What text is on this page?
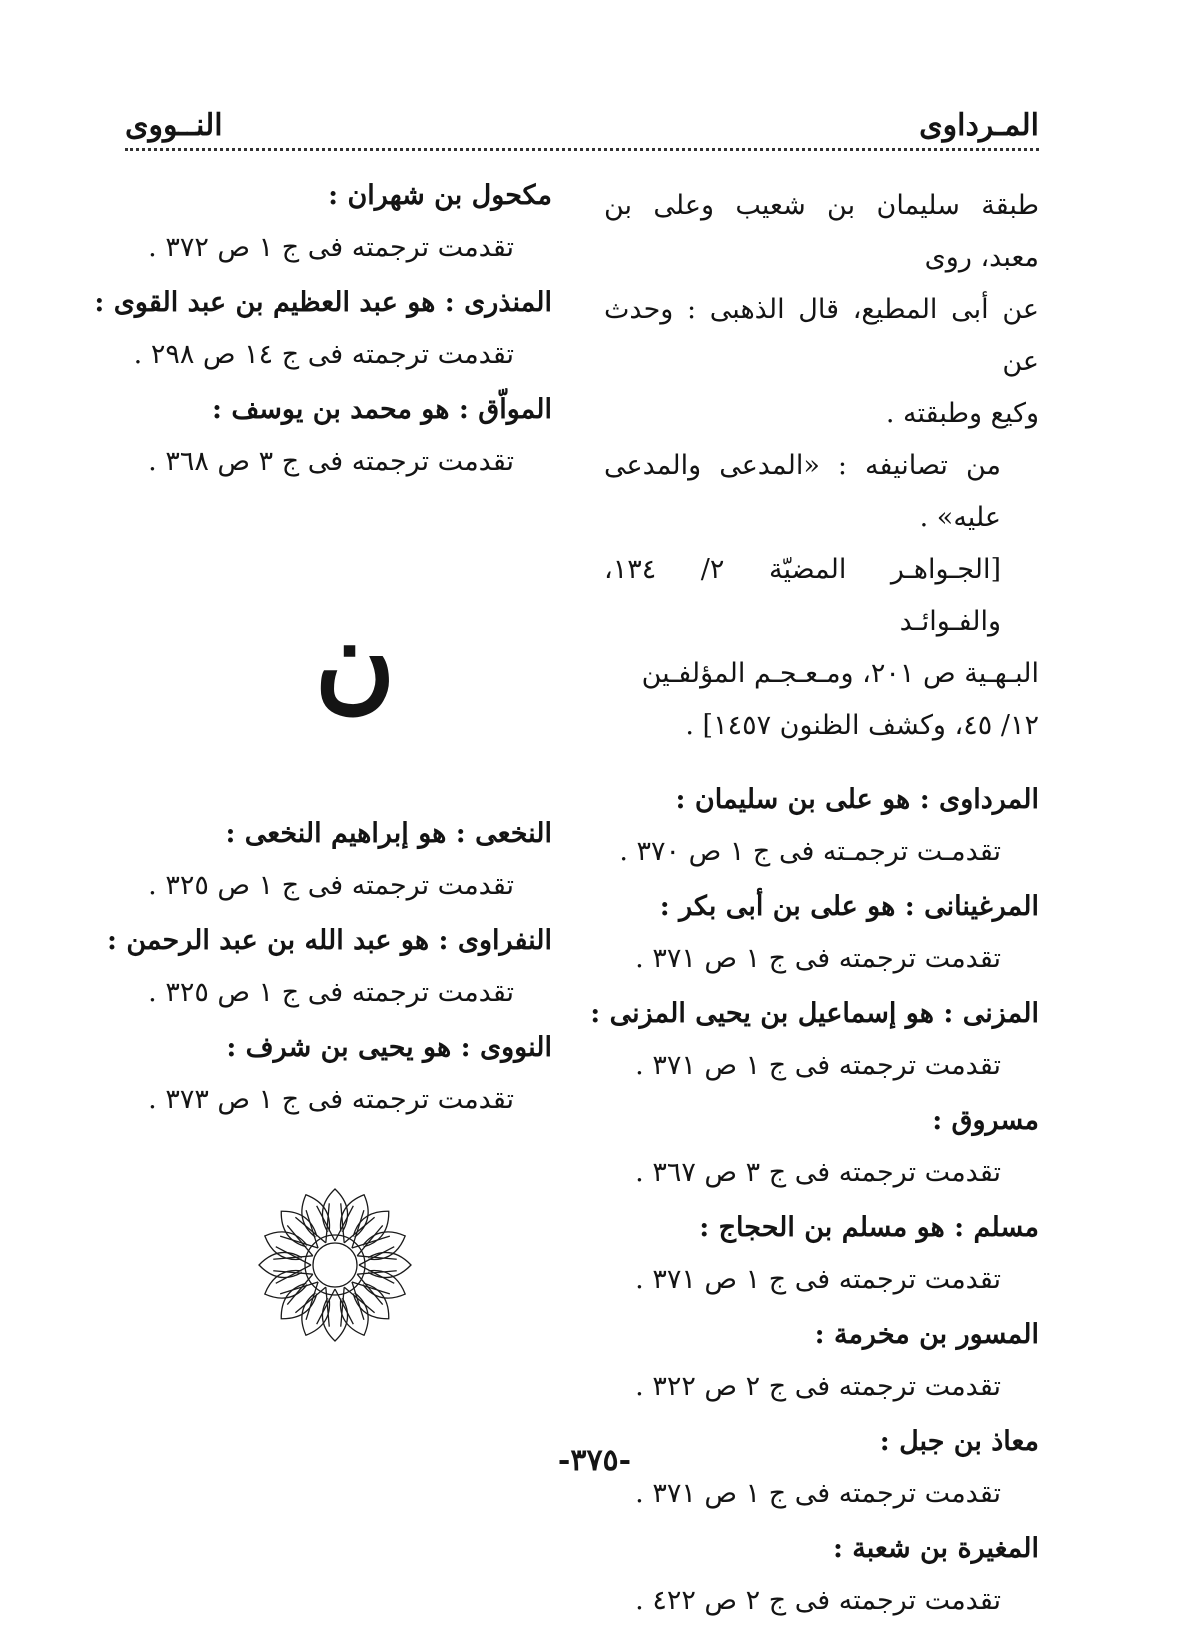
المـرداوى
النــووى

طبقة سليمان بن شعيب وعلى بن معبد، روى

عن أبى المطيع، قال الذهبى : وحدث عن

وكيع وطبقته .

من تصانيفه : «المدعى والمدعى عليه» .

[الجـواهـر المضيّة ٢/ ١٣٤، والفـوائـد

البـهـية ص ٢٠١، ومـعـجـم المؤلفـين

١٢/ ٤٥، وكشف الظنون ١٤٥٧] .

المرداوى : هو على بن سليمان :
تقدمـت ترجمـته فى ج ١ ص ٣٧٠ .
المرغينانى : هو على بن أبى بكر :
تقدمت ترجمته فى ج ١ ص ٣٧١ .
المزنى : هو إسماعيل بن يحيى المزنى :
تقدمت ترجمته فى ج ١ ص ٣٧١ .
مسروق :
تقدمت ترجمته فى ج ٣ ص ٣٦٧ .
مسلم : هو مسلم بن الحجاج :
تقدمت ترجمته فى ج ١ ص ٣٧١ .
المسور بن مخرمة :
تقدمت ترجمته فى ج ٢ ص ٣٢٢ .
معاذ بن جبل :
تقدمت ترجمته فى ج ١ ص ٣٧١ .
المغيرة بن شعبة :
تقدمت ترجمته فى ج ٢ ص ٤٢٢ .
مكحول بن شهران :
تقدمت ترجمته فى ج ١ ص ٣٧٢ .
المنذرى : هو عبد العظيم بن عبد القوى :
تقدمت ترجمته فى ج ١٤ ص ٢٩٨ .
المواّق : هو محمد بن يوسف :
تقدمت ترجمته فى ج ٣ ص ٣٦٨ .
ن
النخعى : هو إبراهيم النخعى :
تقدمت ترجمته فى ج ١ ص ٣٢٥ .
النفراوى : هو عبد الله بن عبد الرحمن :
تقدمت ترجمته فى ج ١ ص ٣٢٥ .
النووى : هو يحيى بن شرف :
تقدمت ترجمته فى ج ١ ص ٣٧٣ .
-٣٧٥-
